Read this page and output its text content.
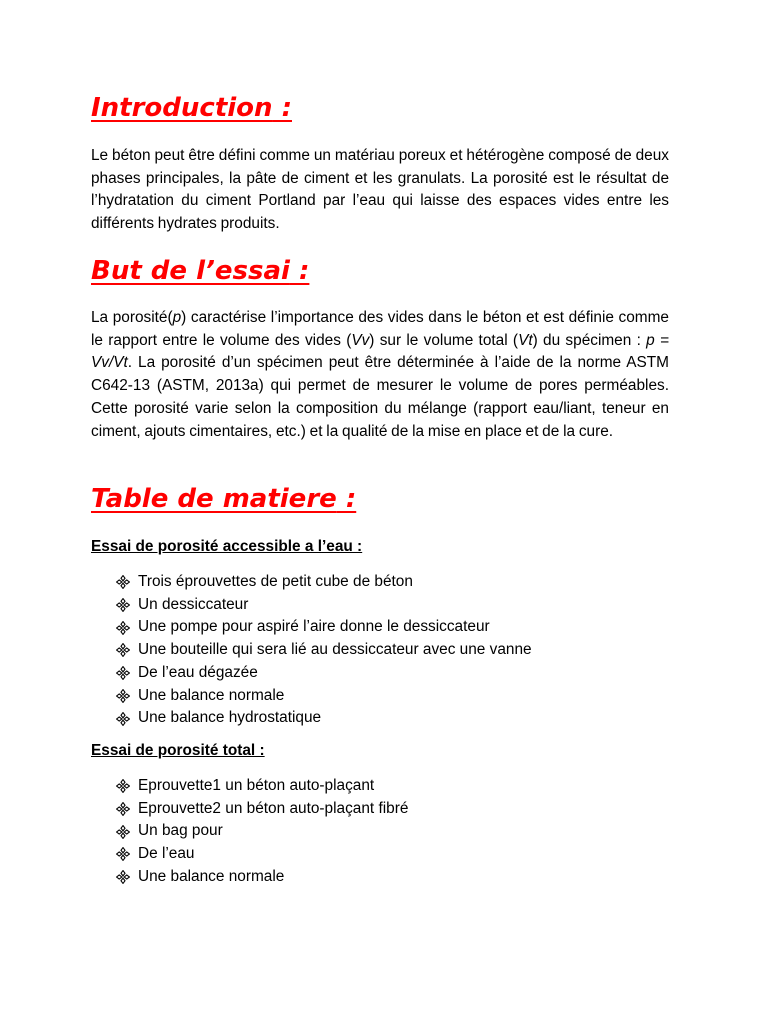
Introduction :

Le béton peut être défini comme un matériau poreux et hétérogène composé de deux phases principales, la pâte de ciment et les granulats. La porosité est le résultat de l’hydratation du ciment Portland par l’eau qui laisse des espaces vides entre les différents hydrates produits.

But de l’essai :

La porosité(p) caractérise l’importance des vides dans le béton et est définie comme le rapport entre le volume des vides (Vv) sur le volume total (Vt) du spécimen : p = Vv/Vt. La porosité d’un spécimen peut être déterminée à l’aide de la norme ASTM C642-13 (ASTM, 2013a) qui permet de mesurer le volume de pores perméables. Cette porosité varie selon la composition du mélange (rapport eau/liant, teneur en ciment, ajouts cimentaires, etc.) et la qualité de la mise en place et de la cure.

Table de matiere :
Essai de porosité accessible a l’eau :
Trois éprouvettes de petit cube de béton
Un dessiccateur
Une pompe pour aspiré l’aire donne le dessiccateur
Une bouteille qui sera lié au dessiccateur avec une vanne
De l’eau dégazée
Une balance normale
Une balance hydrostatique
Essai de porosité total :
Eprouvette1 un béton auto-plaçant
Eprouvette2 un béton auto-plaçant fibré
Un bag pour
De l’eau
Une balance normale
